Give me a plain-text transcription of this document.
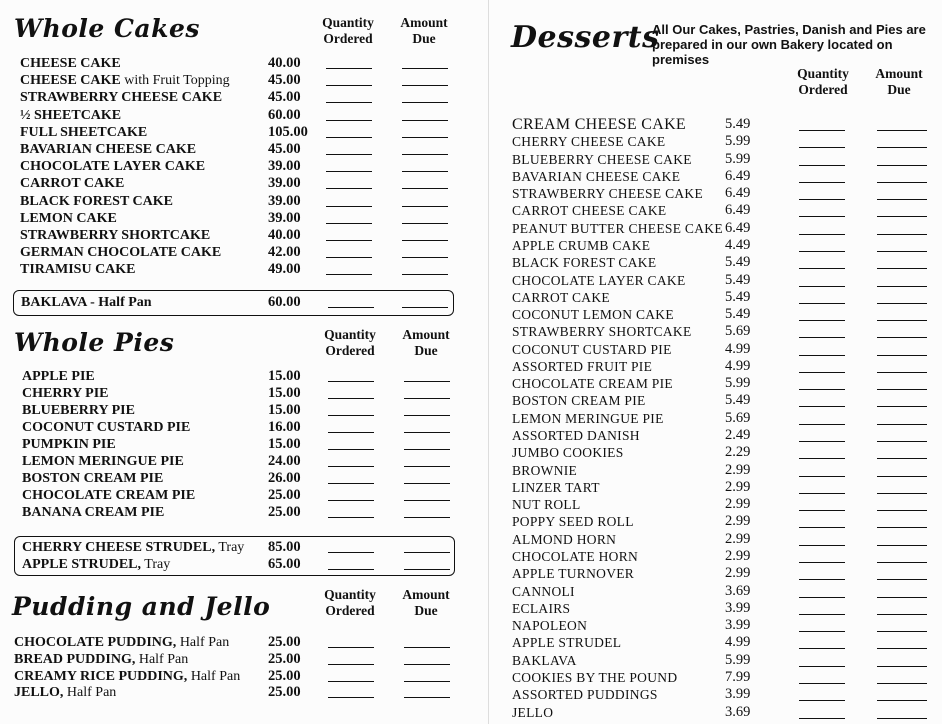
Whole Cakes	Quantity Ordered
Amount Due
CHEESE CAKE	40.00
CHEESE CAKE with Fruit Topping	45.00
STRAWBERRY CHEESE CAKE	45.00
½ SHEETCAKE	60.00
FULL SHEETCAKE	105.00
BAVARIAN CHEESE CAKE	45.00
CHOCOLATE LAYER CAKE	39.00
CARROT CAKE	39.00
BLACK FOREST CAKE	39.00
LEMON CAKE	39.00
STRAWBERRY SHORTCAKE	40.00
GERMAN CHOCOLATE CAKE	42.00
TIRAMISU CAKE	49.00
BAKLAVA - Half Pan	60.00
Whole Pies	Quantity Ordered
Amount Due
APPLE PIE	15.00
CHERRY PIE	15.00
BLUEBERRY PIE	15.00
COCONUT CUSTARD PIE	16.00
PUMPKIN PIE	15.00
LEMON MERINGUE PIE	24.00
BOSTON CREAM PIE	26.00
CHOCOLATE CREAM PIE	25.00
BANANA CREAM PIE	25.00
CHERRY CHEESE STRUDEL, Tray 85.00
APPLE STRUDEL, Tray	65.00
Pudding and Jello	Quantity Ordered
Amount Due
CHOCOLATE PUDDING, Half Pan	25.00
BREAD PUDDING, Half Pan	25.00
CREAMY RICE PUDDING, Half Pan 25.00
JELLO, Half Pan	25.00
Desserts
All Our Cakes, Pastries, Danish and Pies are prepared in our own Bakery located on premises
Quantity Ordered
Amount Due
CREAM CHEESE CAKE	5.49
CHERRY CHEESE CAKE	5.99
BLUEBERRY CHEESE CAKE 5.99
BAVARIAN CHEESE CAKE	6.49
STRAWBERRY CHEESE CAKE 6.49
CARROT CHEESE CAKE	6.49
PEANUT BUTTER CHEESE CAKE 6.49
APPLE CRUMB CAKE	4.49
BLACK FOREST CAKE	5.49
CHOCOLATE LAYER CAKE	5.49
CARROT CAKE	5.49
COCONUT LEMON CAKE	5.49
STRAWBERRY SHORTCAKE 5.69
COCONUT CUSTARD PIE	4.99
ASSORTED FRUIT PIE	4.99
CHOCOLATE CREAM PIE	5.99
BOSTON CREAM PIE	5.49
LEMON MERINGUE PIE	5.69
ASSORTED DANISH	2.49
JUMBO COOKIES	2.29
BROWNIE	2.99
LINZER TART	2.99
NUT ROLL	2.99
POPPY SEED ROLL	2.99
ALMOND HORN	2.99
CHOCOLATE HORN	2.99
APPLE TURNOVER	2.99
CANNOLI	3.69
ECLAIRS	3.99
NAPOLEON	3.99
APPLE STRUDEL	4.99
BAKLAVA	5.99
COOKIES BY THE POUND	7.99
ASSORTED PUDDINGS	3.99
JELLO	3.69
